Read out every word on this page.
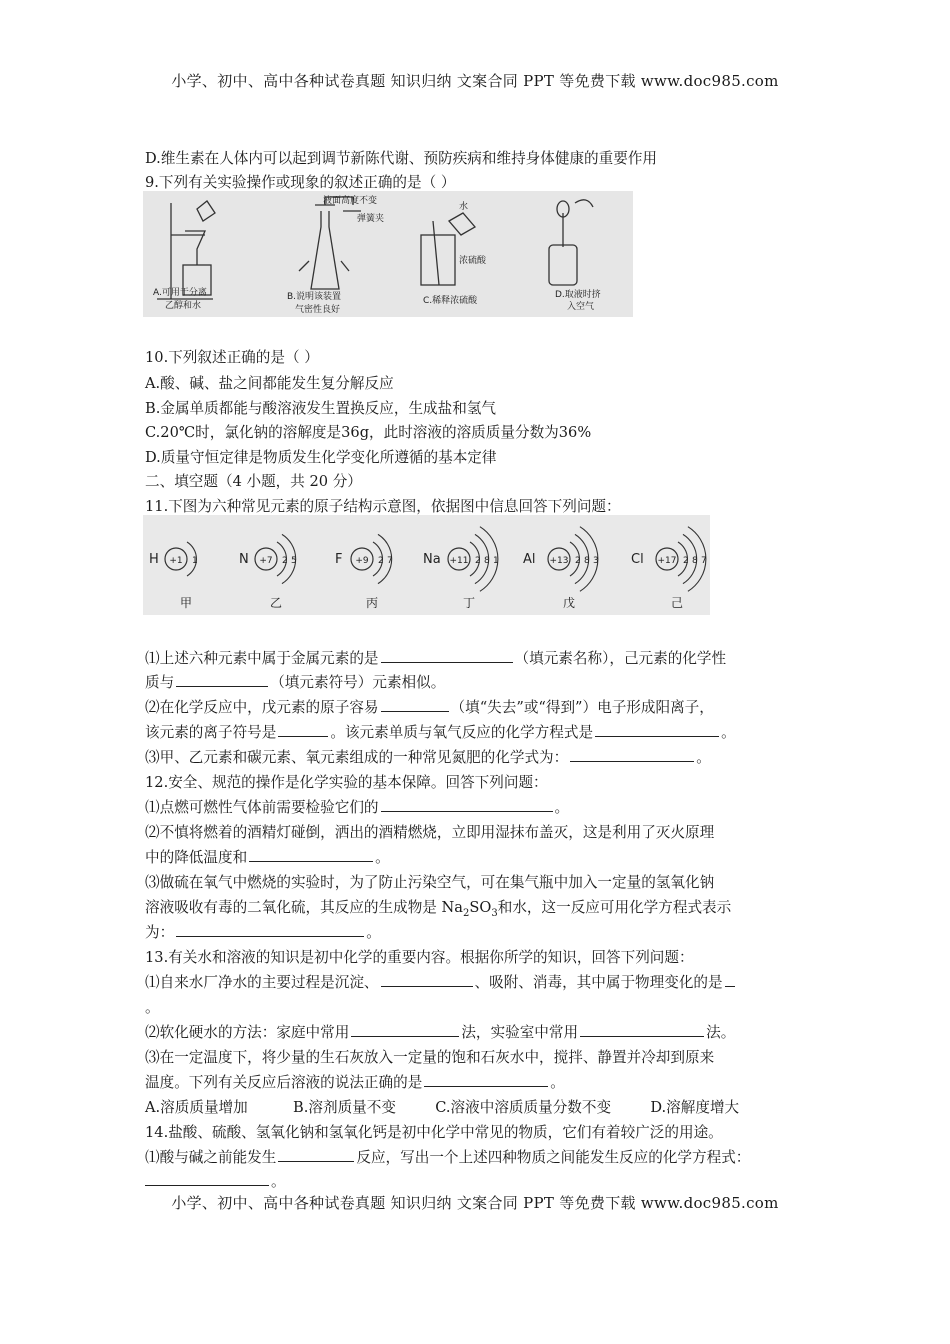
小学、初中、高中各种试卷真题 知识归纳 文案合同 PPT 等免费下载 www.doc985.com
D.维生素在人体内可以起到调节新陈代谢、预防疾病和维持身体健康的重要作用
9.下列有关实验操作或现象的叙述正确的是（ ）
A.可用于分离
乙醇和水
液面高度不变
弹簧夹
B.说明该装置
气密性良好
水
浓硫酸
C.稀释浓硫酸
D.取液时挤
入空气
10.下列叙述正确的是（ ）
A.酸、碱、盐之间都能发生复分解反应
B.金属单质都能与酸溶液发生置换反应，生成盐和氢气
C.20℃时，氯化钠的溶解度是36g，此时溶液的溶质质量分数为36%
D.质量守恒定律是物质发生化学变化所遵循的基本定律
二、填空题（4 小题，共 20 分）
11.下图为六种常见元素的原子结构示意图，依据图中信息回答下列问题：
H +1 1
甲
N +7 2 5
乙
F +9 2 7
丙
Na +11 2 8 1
丁
Al +13 2 8 3
戊
Cl +17 2 8 7
己
⑴上述六种元素中属于金属元素的是	（填元素名称），己元素的化学性
质与	（填元素符号）元素相似。
⑵在化学反应中，戊元素的原子容易	（填“失去”或“得到”）电子形成阳离子，
该元素的离子符号是	。该元素单质与氧气反应的化学方程式是	。
⑶甲、乙元素和碳元素、氧元素组成的一种常见氮肥的化学式为：	。
12.安全、规范的操作是化学实验的基本保障。回答下列问题：
⑴点燃可燃性气体前需要检验它们的	。
⑵不慎将燃着的酒精灯碰倒，洒出的酒精燃烧，立即用湿抹布盖灭，这是利用了灭火原理
中的降低温度和	。
⑶做硫在氧气中燃烧的实验时，为了防止污染空气，可在集气瓶中加入一定量的氢氧化钠
溶液吸收有毒的二氧化硫，其反应的生成物是 $Na_2SO_3$和水，这一反应可用化学方程式表示
为：	。
13.有关水和溶液的知识是初中化学的重要内容。根据你所学的知识，回答下列问题：
⑴自来水厂净水的主要过程是沉淀、	、吸附、消毒，其中属于物理变化的是
。
⑵软化硬水的方法：家庭中常用	法，实验室中常用	法。
⑶在一定温度下，将少量的生石灰放入一定量的饱和石灰水中，搅拌、静置并冷却到原来
温度。下列有关反应后溶液的说法正确的是	。
A.溶质质量增加	B.溶剂质量不变	C.溶液中溶质质量分数不变	D.溶解度增大
14.盐酸、硫酸、氢氧化钠和氢氧化钙是初中化学中常见的物质，它们有着较广泛的用途。
⑴酸与碱之前能发生	反应，写出一个上述四种物质之间能发生反应的化学方程式：
。
小学、初中、高中各种试卷真题 知识归纳 文案合同 PPT 等免费下载 www.doc985.com
